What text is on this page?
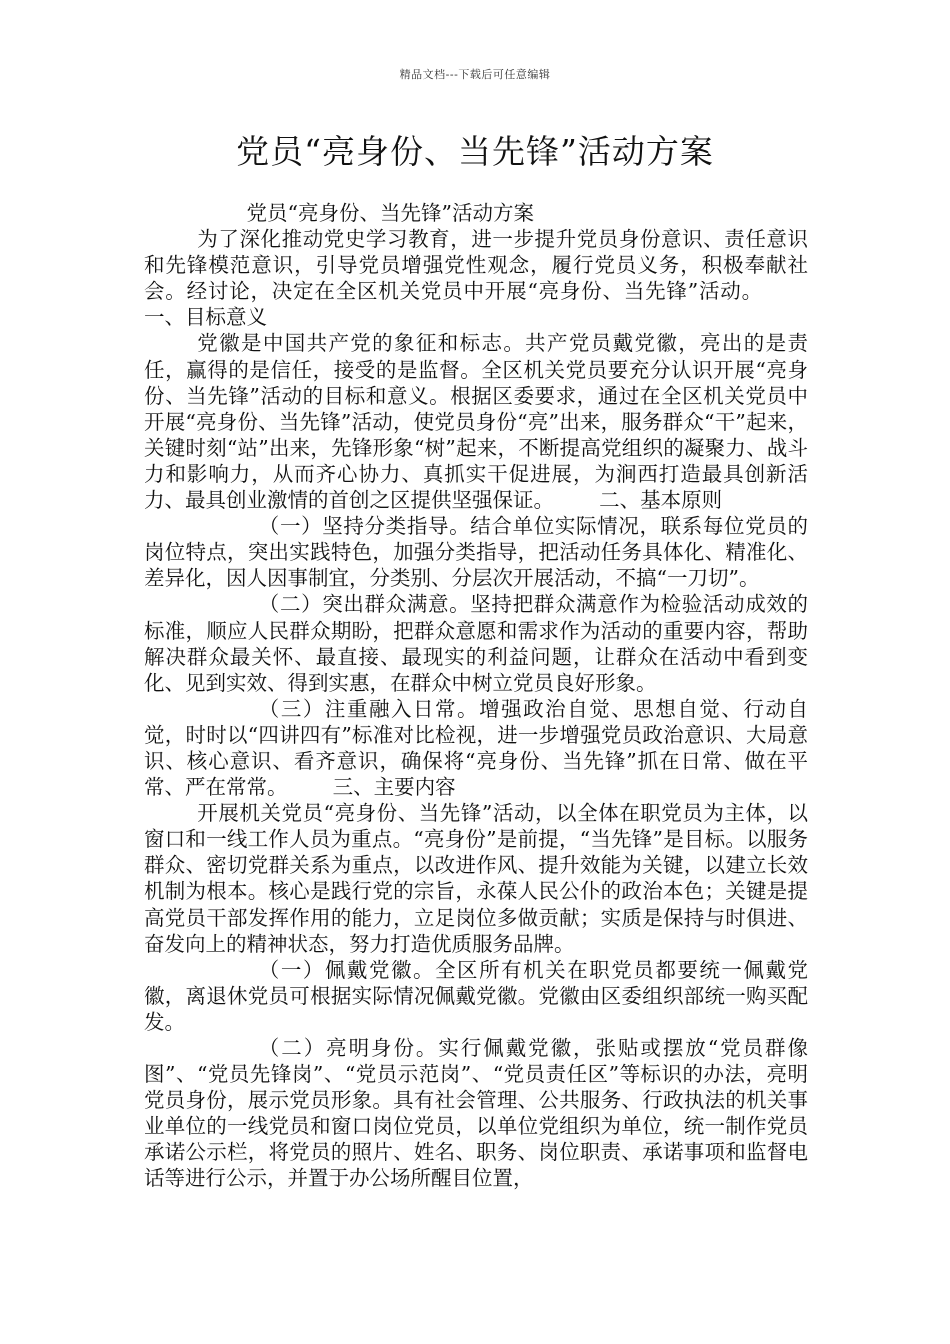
精品文档---下载后可任意编辑
党员“亮身份、当先锋”活动方案

党员“亮身份、当先锋”活动方案

为了深化推动党史学习教育，进一步提升党员身份意识、责任意识和先锋模范意识，引导党员增强党性观念，履行党员义务，积极奉献社会。经讨论，决定在全区机关党员中开展“亮身份、当先锋”活动。一、目标意义

党徽是中国共产党的象征和标志。共产党员戴党徽，亮出的是责任，赢得的是信任，接受的是监督。全区机关党员要充分认识开展“亮身份、当先锋”活动的目标和意义。根据区委要求，通过在全区机关党员中开展“亮身份、当先锋”活动，使党员身份“亮”出来，服务群众“干”起来，关键时刻“站”出来，先锋形象“树”起来，不断提高党组织的凝聚力、战斗力和影响力，从而齐心协力、真抓实干促进展，为涧西打造最具创新活力、最具创业激情的首创之区提供坚强保证。 二、基本原则

（一）坚持分类指导。结合单位实际情况，联系每位党员的岗位特点，突出实践特色，加强分类指导，把活动任务具体化、精准化、差异化，因人因事制宜，分类别、分层次开展活动，不搞“一刀切”。

（二）突出群众满意。坚持把群众满意作为检验活动成效的标准，顺应人民群众期盼，把群众意愿和需求作为活动的重要内容，帮助解决群众最关怀、最直接、最现实的利益问题，让群众在活动中看到变化、见到实效、得到实惠，在群众中树立党员良好形象。

（三）注重融入日常。增强政治自觉、思想自觉、行动自觉，时时以“四讲四有”标准对比检视，进一步增强党员政治意识、大局意识、核心意识、看齐意识，确保将“亮身份、当先锋”抓在日常、做在平常、严在常常。 三、主要内容

开展机关党员“亮身份、当先锋”活动，以全体在职党员为主体，以窗口和一线工作人员为重点。“亮身份”是前提，“当先锋”是目标。以服务群众、密切党群关系为重点，以改进作风、提升效能为关键，以建立长效机制为根本。核心是践行党的宗旨，永葆人民公仆的政治本色；关键是提高党员干部发挥作用的能力，立足岗位多做贡献；实质是保持与时俱进、奋发向上的精神状态，努力打造优质服务品牌。

（一）佩戴党徽。全区所有机关在职党员都要统一佩戴党徽，离退休党员可根据实际情况佩戴党徽。党徽由区委组织部统一购买配发。

（二）亮明身份。实行佩戴党徽，张贴或摆放“党员群像图”、“党员先锋岗”、“党员示范岗”、“党员责任区”等标识的办法，亮明党员身份，展示党员形象。具有社会管理、公共服务、行政执法的机关事业单位的一线党员和窗口岗位党员，以单位党组织为单位，统一制作党员承诺公示栏，将党员的照片、姓名、职务、岗位职责、承诺事项和监督电话等进行公示，并置于办公场所醒目位置，
